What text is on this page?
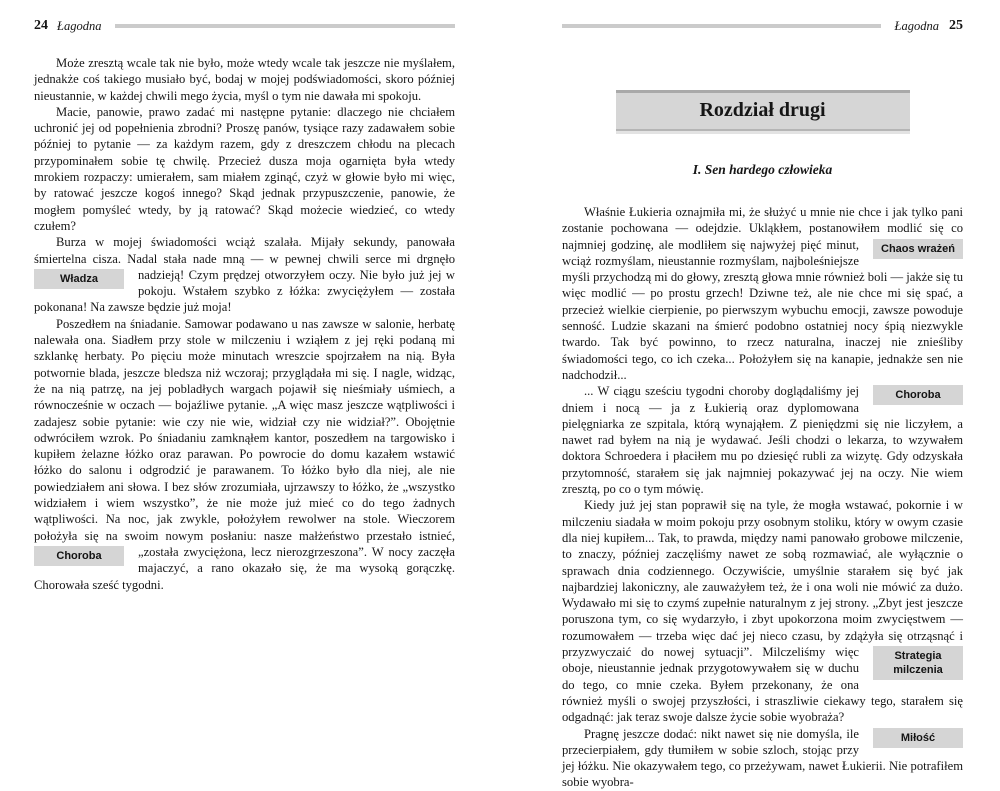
24 Łagodna

Może zresztą wcale tak nie było, może wtedy wcale tak jeszcze nie myślałem, jednakże coś takiego musiało być, bodaj w mojej podświadomości, skoro później nieustannie, w każdej chwili mego życia, myśl o tym nie dawała mi spokoju.

Macie, panowie, prawo zadać mi następne pytanie: dlaczego nie chciałem uchronić jej od popełnienia zbrodni? Proszę panów, tysiące razy zadawałem sobie później to pytanie — za każdym razem, gdy z dreszczem chłodu na plecach przypominałem sobie tę chwilę. Przecież dusza moja ogarnięta była wtedy mrokiem rozpaczy: umierałem, sam miałem zginąć, czyż w głowie było mi więc, by ratować jeszcze kogoś innego? Skąd jednak przypuszczenie, panowie, że mogłem pomyśleć wtedy, by ją ratować? Skąd możecie wiedzieć, co wtedy czułem?

Burza w mojej świadomości wciąż szalała. Mijały sekundy, panowała śmiertelna cisza. Nadal stała nade mną — w pewnej chwili serce mi drgnęło nadzieją! Czym prędzej
Władza	otworzyłem oczy. Nie było już jej w pokoju. Wstałem szybko z łóżka: zwyciężyłem — została pokonana! Na zawsze będzie już moja!

Poszedłem na śniadanie. Samowar podawano u nas zawsze w salonie, herbatę nalewała ona. Siadłem przy stole w milczeniu i wziąłem z jej ręki podaną mi szklankę herbaty. Po pięciu może minutach wreszcie spojrzałem na nią. Była potwornie blada, jeszcze bledsza niż wczoraj; przyglądała mi się. I nagle, widząc, że na nią patrzę, na jej pobladłych wargach pojawił się nieśmiały uśmiech, a równocześnie w oczach — bojaźliwe pytanie. „A więc masz jeszcze wątpliwości i zadajesz sobie pytanie: wie czy nie wie, widział czy nie widział?”. Obojętnie odwróciłem wzrok. Po śniadaniu zamknąłem kantor, poszedłem na targowisko i kupiłem żelazne łóżko oraz parawan. Po powrocie do domu kazałem wstawić łóżko do salonu i odgrodzić je parawanem. To łóżko było dla niej, ale nie powiedziałem ani słowa. I bez słów zrozumiała, ujrzawszy to łóżko, że „wszystko widziałem i wiem wszystko”, że nie może już mieć co do tego żadnych wątpliwości. Na noc, jak zwykle, położyłem rewolwer na stole. Wieczorem położyła się na swoim nowym posłaniu: nasze małżeństwo przestało istnieć, „została
Choroba	zwyciężona, lecz nierozgrzeszona”. W nocy zaczęła majaczyć, a rano okazało się, że ma wysoką gorączkę. Chorowała sześć tygodni.

Łagodna 25
Rozdział drugi
I. Sen hardego człowieka

Właśnie Łukieria oznajmiła mi, że służyć u mnie nie chce i jak tylko pani zostanie pochowana — odejdzie. Ukląkłem, postanowiłem modlić się co najmniej godzinę,	Chaos wrażeń
ale modliłem się najwyżej pięć minut, wciąż rozmyślam, nieustannie rozmyślam, najboleśniejsze myśli przychodzą mi do głowy, zresztą głowa mnie również boli — jakże się tu więc modlić — po prostu grzech! Dziwne też, ale nie chce mi się spać, a przecież wielkie cierpienie, po pierwszym wybuchu emocji, zawsze powoduje senność. Ludzie skazani na śmierć podobno ostatniej nocy śpią niezwykle twardo. Tak być powinno, to rzecz naturalna, inaczej nie znieśliby świadomości tego, co ich czeka... Położyłem się na kanapie, jednakże sen nie nadchodził...

Choroba
... W ciągu sześciu tygodni choroby doglądaliśmy jej dniem i nocą — ja z Łukierią oraz dyplomowana pielęgniarka ze szpitala, którą wynająłem. Z pieniędzmi się nie liczyłem, a nawet rad byłem na nią je wydawać. Jeśli chodzi o lekarza, to wzywałem doktora Schroedera i płaciłem mu po dziesięć rubli za wizytę. Gdy odzyskała przytomność, starałem się jak najmniej pokazywać jej na oczy. Nie wiem zresztą, po co o tym mówię.

Kiedy już jej stan poprawił się na tyle, że mogła wstawać, pokornie i w milczeniu siadała w moim pokoju przy osobnym stoliku, który w owym czasie dla niej kupiłem... Tak, to prawda, między nami panowało grobowe milczenie, to znaczy, później zaczęliśmy nawet ze sobą rozmawiać, ale wyłącznie o sprawach dnia codziennego. Oczywiście, umyślnie starałem się być jak najbardziej lakoniczny, ale zauważyłem też, że i ona woli nie mówić za dużo. Wydawało mi się to czymś zupełnie naturalnym z jej strony. „Zbyt jest jeszcze poruszona tym, co się wydarzyło, i zbyt upokorzona moim zwycięstwem — rozumowałem — trzeba więc dać jej nieco czasu, by zdążyła się
Strategia milczenia
otrząsnąć i przyzwyczaić do nowej sytuacji”. Milczeliśmy więc oboje, nieustannie jednak przygotowywałem się w duchu do tego, co mnie czeka. Byłem przekonany, że ona również myśli o swojej przyszłości, i straszliwie ciekawy tego, starałem się odgadnąć: jak teraz swoje dalsze życie sobie wyobraża?

Miłość
Pragnę jeszcze dodać: nikt nawet się nie domyśla, ile przecierpiałem, gdy tłumiłem w sobie szloch, stojąc przy jej łóżku. Nie okazywałem tego, co przeżywam, nawet Łukierii. Nie potrafiłem sobie wyobra-
